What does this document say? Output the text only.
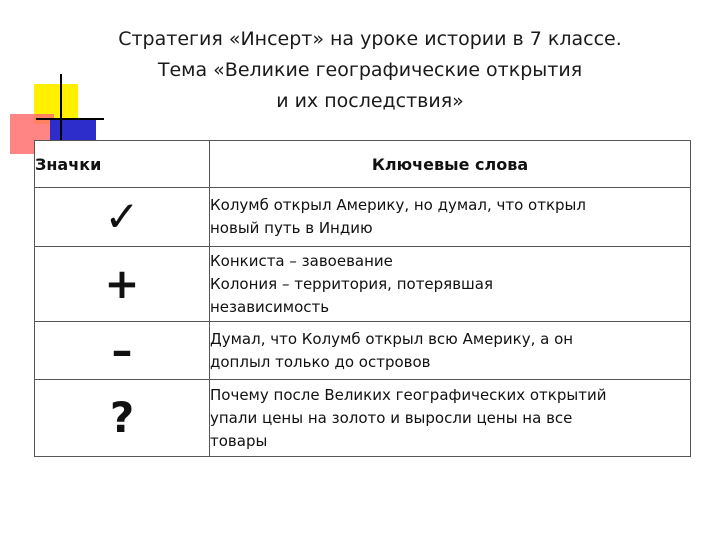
Стратегия «Инсерт» на уроке истории в 7 классе.
Тема «Великие географические открытия
и их последствия»
Значки	Ключевые слова
✓	Колумб открыл Америку, но думал, что открыл
новый путь в Индию

+	Конкиста – завоевание
Колония – территория, потерявшая
независимость

–	Думал, что Колумб открыл всю Америку, а он
доплыл только до островов

?	Почему после Великих географических открытий
упали цены на золото и выросли цены на все
товары
